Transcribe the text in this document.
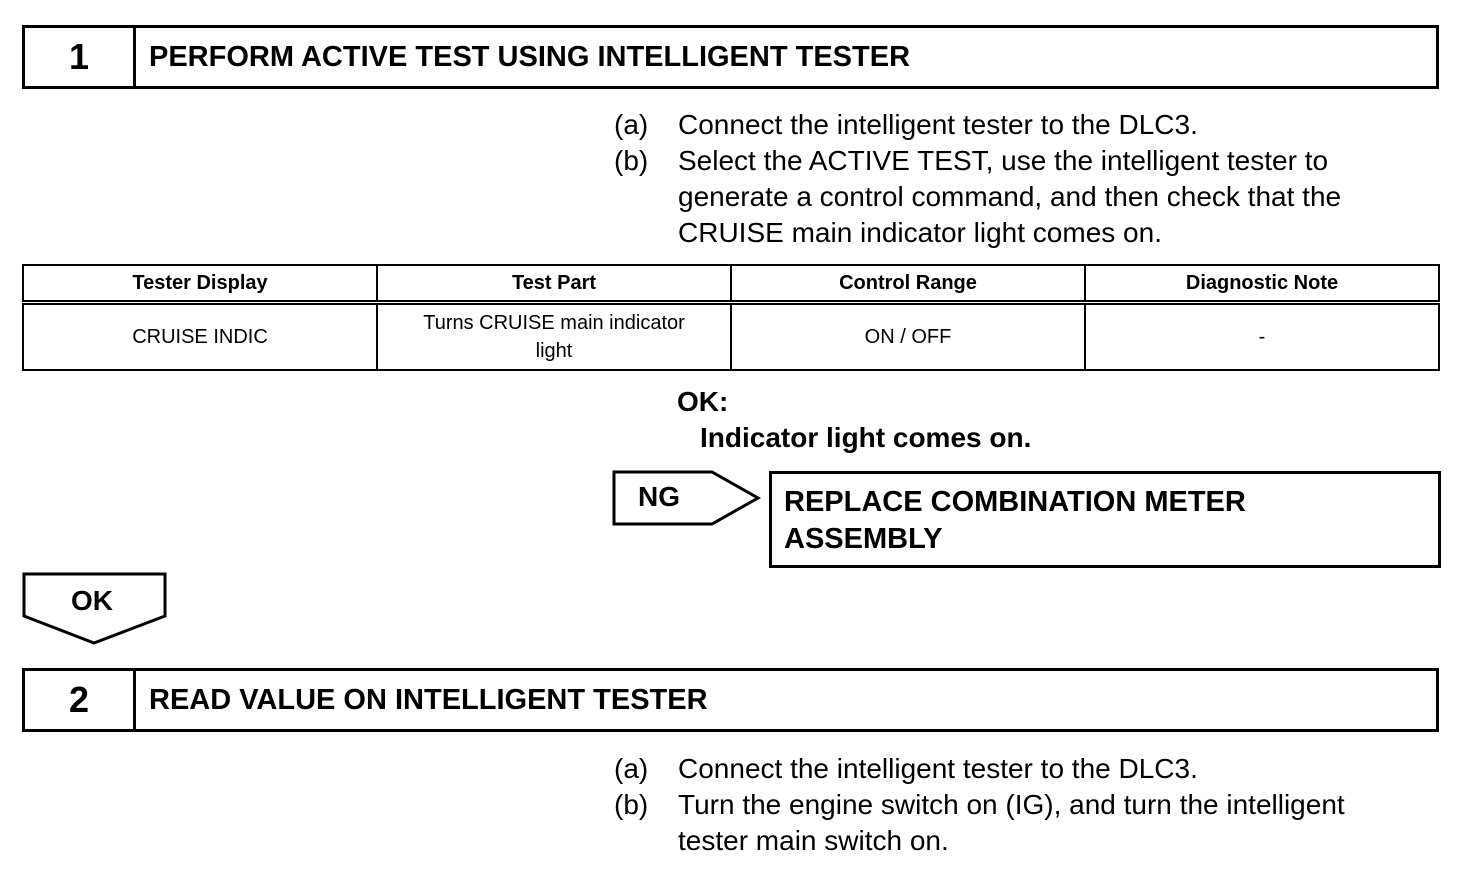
1	PERFORM ACTIVE TEST USING INTELLIGENT TESTER
(a) Connect the intelligent tester to the DLC3.
(b) Select the ACTIVE TEST, use the intelligent tester to
generate a control command, and then check that the
CRUISE main indicator light comes on.
Tester Display	Test Part	Control Range	Diagnostic Note
CRUISE INDIC	Turns CRUISE main indicator light	ON / OFF	-
OK:
Indicator light comes on.
NG	REPLACE COMBINATION METER
ASSEMBLY
OK
2	READ VALUE ON INTELLIGENT TESTER
(a) Connect the intelligent tester to the DLC3.
(b) Turn the engine switch on (IG), and turn the intelligent
tester main switch on.
